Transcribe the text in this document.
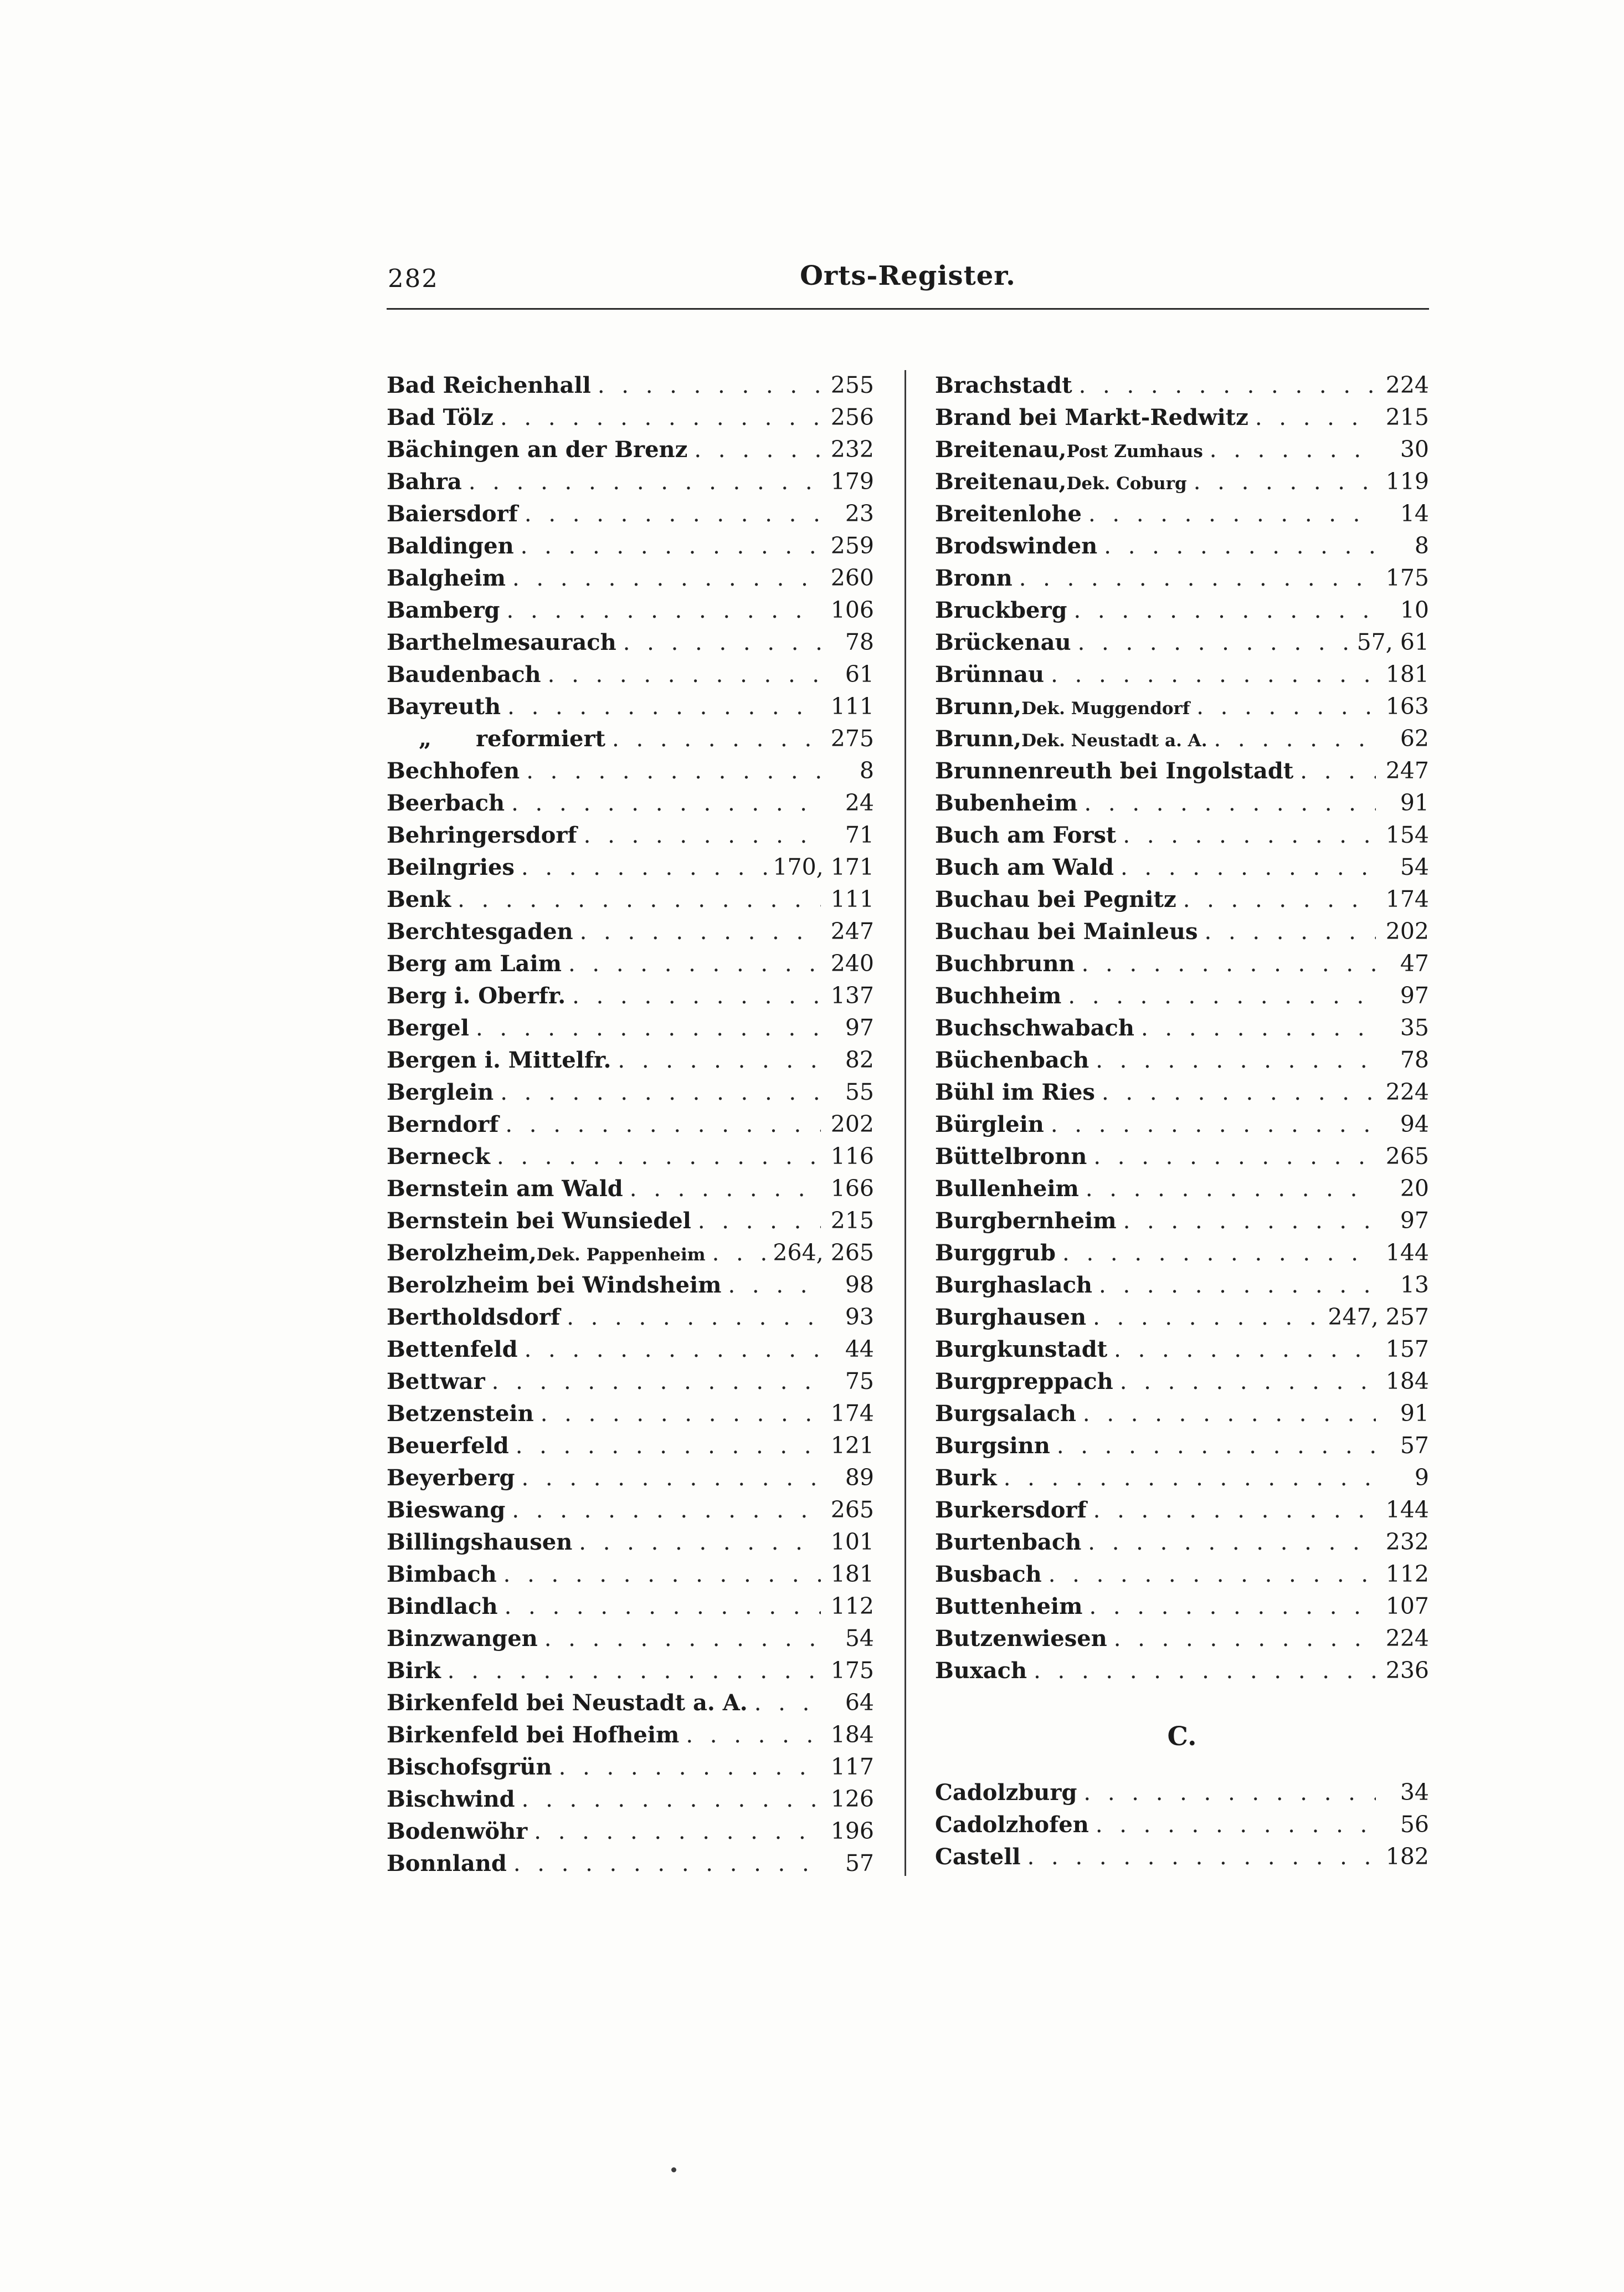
282	Orts-Register.
Bad Reichenhall . . .	255
Bad Tölz . . .	256
Bächingen an der Brenz . . .	232
Bahra . . .	179
Baiersdorf . . .	23
Baldingen . . .	259
Balgheim . . .	260
Bamberg . . .	106
Barthelmesaurach . . .	78
Baudenbach . . .	61
Bayreuth . . .	111
„  reformiert . . .	275
Bechhofen . . .	8
Beerbach . . .	24
Behringersdorf . . .	71
Beilngries . . .	170, 171
Benk . . .	111
Berchtesgaden . . .	247
Berg am Laim . . .	240
Berg i. Oberfr. . . .	137
Bergel . . .	97
Bergen i. Mittelfr. . . .	82
Berglein . . .	55
Berndorf . . .	202
Berneck . . .	116
Bernstein am Wald . . .	166
Bernstein bei Wunsiedel . . .	215
Berolzheim, Dek. Pappenheim . . .	264, 265
Berolzheim bei Windsheim . . .	98
Bertholdsdorf . . .	93
Bettenfeld . . .	44
Bettwar . . .	75
Betzenstein . . .	174
Beuerfeld . . .	121
Beyerberg . . .	89
Bieswang . . .	265
Billingshausen . . .	101
Bimbach . . .	181
Bindlach . . .	112
Binzwangen . . .	54
Birk . . .	175
Birkenfeld bei Neustadt a. A. . . .	64
Birkenfeld bei Hofheim . . .	184
Bischofsgrün . . .	117
Bischwind . . .	126
Bodenwöhr . . .	196
Bonnland . . .	57
Brachstadt . . .	224
Brand bei Markt-Redwitz . . .	215
Breitenau, Post Zumhaus . . .	30
Breitenau, Dek. Coburg . . .	119
Breitenlohe . . .	14
Brodswinden . . .	8
Bronn . . .	175
Bruckberg . . .	10
Brückenau . . .	57, 61
Brünnau . . .	181
Brunn, Dek. Muggendorf . . .	163
Brunn, Dek. Neustadt a. A. . . .	62
Brunnenreuth bei Ingolstadt . . .	247
Bubenheim . . .	91
Buch am Forst . . .	154
Buch am Wald . . .	54
Buchau bei Pegnitz . . .	174
Buchau bei Mainleus . . .	202
Buchbrunn . . .	47
Buchheim . . .	97
Buchschwabach . . .	35
Büchenbach . . .	78
Bühl im Ries . . .	224
Bürglein . . .	94
Büttelbronn . . .	265
Bullenheim . . .	20
Burgbernheim . . .	97
Burggrub . . .	144
Burghaslach . . .	13
Burghausen . . .	247, 257
Burgkunstadt . . .	157
Burgpreppach . . .	184
Burgsalach . . .	91
Burgsinn . . .	57
Burk . . .	9
Burkersdorf . . .	144
Burtenbach . . .	232
Busbach . . .	112
Buttenheim . . .	107
Butzenwiesen . . .	224
Buxach . . .	236
C.
Cadolzburg . . .	34
Cadolzhofen . . .	56
Castell . . .	182
